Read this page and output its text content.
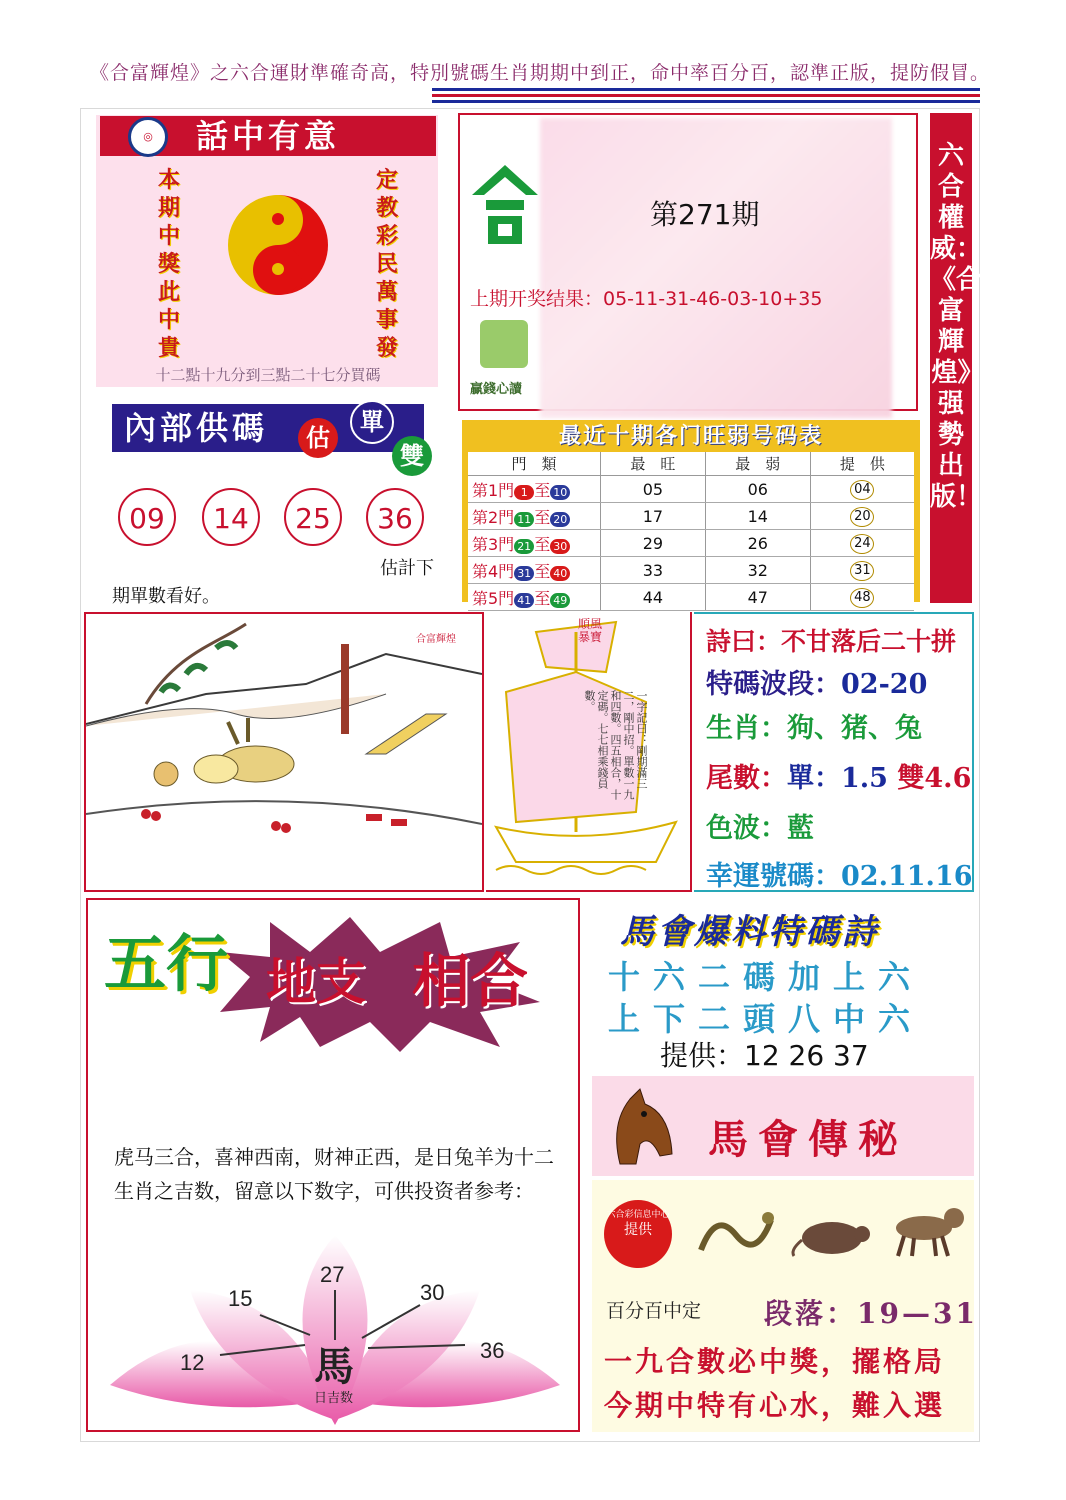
《合富輝煌》之六合運財準確奇高，特別號碼生肖期期中到正，命中率百分百，認準正版，提防假冒。
話中有意
◎
本期中獎此中貴
定教彩民萬事發
十二點十九分到三點二十七分買碼
內部供碼	估
單
雙
09	14	25	36
估計下
期單數看好。
第271期
上期开奖结果：05-11-31-46-03-10+35
贏錢心讀
六合權威：《合富輝煌》强勢出版！
最近十期各门旺弱号码表
門　類	最　旺	最　弱	提　供
第1門 1 至 10	05	06	04
第2門 11 至 20	17	14	20
第3門 21 至 30	29	26	24
第4門 31 至 40	33	32	31
第5門 41 至 49	44	47	48
合富輝煌
順風暴寶
一字記曰：剛期滿三二，剛中招。單數一九和四數。四五相合，十定碼。七七相乘錢員數。
詩曰：不甘落后二十拼
特碼波段：02-20
生肖：狗、猪、兔
尾數：單：1.5 雙4.6
色波：藍
幸運號碼：02.11.16
五行 地支 相合
虎马三合，喜神西南，财神正西，是日兔羊为十二生肖之吉数，留意以下数字，可供投资者参考：
12
15
27
30
36
馬
日吉数
馬會爆料特碼詩
十六二碼加上六
上下二頭八中六
提供：12 26 37
馬會傳秘
六合彩信息中心
提供
百分百中定 段落：19—31
一九合數必中獎，擺格局
今期中特有心水，難入選
